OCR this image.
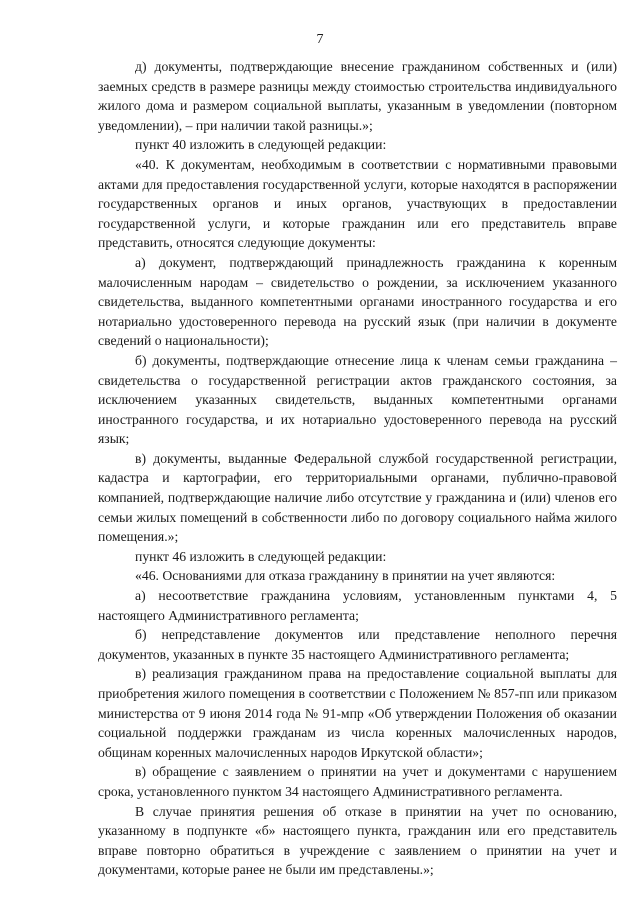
7

д) документы, подтверждающие внесение гражданином собственных и (или) заемных средств в размере разницы между стоимостью строительства индивидуального жилого дома и размером социальной выплаты, указанным в уведомлении (повторном уведомлении), – при наличии такой разницы.»;

пункт 40 изложить в следующей редакции:

«40. К документам, необходимым в соответствии с нормативными правовыми актами для предоставления государственной услуги, которые находятся в распоряжении государственных органов и иных органов, участвующих в предоставлении государственной услуги, и которые гражданин или его представитель вправе представить, относятся следующие документы:

а) документ, подтверждающий принадлежность гражданина к коренным малочисленным народам – свидетельство о рождении, за исключением указанного свидетельства, выданного компетентными органами иностранного государства и его нотариально удостоверенного перевода на русский язык (при наличии в документе сведений о национальности);

б) документы, подтверждающие отнесение лица к членам семьи гражданина – свидетельства о государственной регистрации актов гражданского состояния, за исключением указанных свидетельств, выданных компетентными органами иностранного государства, и их нотариально удостоверенного перевода на русский язык;

в) документы, выданные Федеральной службой государственной регистрации, кадастра и картографии, его территориальными органами, публично-правовой компанией, подтверждающие наличие либо отсутствие у гражданина и (или) членов его семьи жилых помещений в собственности либо по договору социального найма жилого помещения.»;

пункт 46 изложить в следующей редакции:

«46. Основаниями для отказа гражданину в принятии на учет являются:

а) несоответствие гражданина условиям, установленным пунктами 4, 5 настоящего Административного регламента;

б) непредставление документов или представление неполного перечня документов, указанных в пункте 35 настоящего Административного регламента;

в) реализация гражданином права на предоставление социальной выплаты для приобретения жилого помещения в соответствии с Положением № 857-пп или приказом министерства от 9 июня 2014 года № 91-мпр «Об утверждении Положения об оказании социальной поддержки гражданам из числа коренных малочисленных народов, общинам коренных малочисленных народов Иркутской области»;

в) обращение с заявлением о принятии на учет и документами с нарушением срока, установленного пунктом 34 настоящего Административного регламента.

В случае принятия решения об отказе в принятии на учет по основанию, указанному в подпункте «б» настоящего пункта, гражданин или его представитель вправе повторно обратиться в учреждение с заявлением о принятии на учет и документами, которые ранее не были им представлены.»;
